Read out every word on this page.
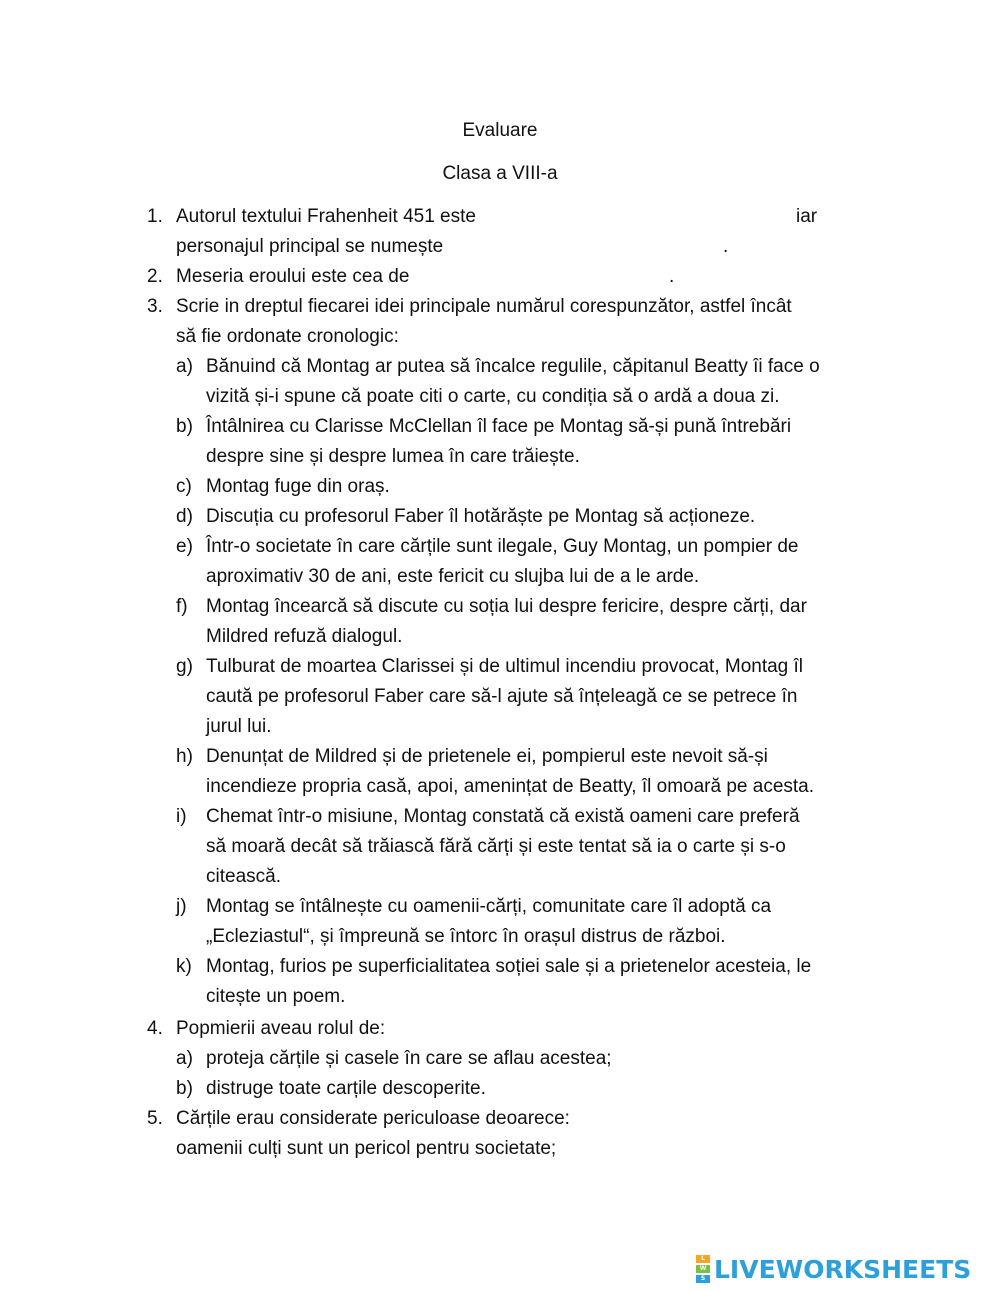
Evaluare
Clasa a VIII-a
1. Autorul textului Frahenheit 451 este	iar
personajul principal se numește	.
2. Meseria eroului este cea de	.
3. Scrie in dreptul fiecarei idei principale numărul corespunzător, astfel încât
să fie ordonate cronologic:
a) Bănuind că Montag ar putea să încalce regulile, căpitanul Beatty îi face o
vizită și-i spune că poate citi o carte, cu condiția să o ardă a doua zi.
b) Întâlnirea cu Clarisse McClellan îl face pe Montag să-și pună întrebări
despre sine și despre lumea în care trăiește.
c) Montag fuge din oraș.
d) Discuția cu profesorul Faber îl hotărăște pe Montag să acționeze.
e) Într-o societate în care cărțile sunt ilegale, Guy Montag, un pompier de
aproximativ 30 de ani, este fericit cu slujba lui de a le arde.
f) Montag încearcă să discute cu soția lui despre fericire, despre cărți, dar
Mildred refuză dialogul.
g) Tulburat de moartea Clarissei și de ultimul incendiu provocat, Montag îl
caută pe profesorul Faber care să-l ajute să înțeleagă ce se petrece în
jurul lui.
h) Denunțat de Mildred și de prietenele ei, pompierul este nevoit să-și
incendieze propria casă, apoi, amenințat de Beatty, îl omoară pe acesta.
i) Chemat într-o misiune, Montag constată că există oameni care preferă
să moară decât să trăiască fără cărți și este tentat să ia o carte și s-o
citească.
j) Montag se întâlnește cu oamenii-cărți, comunitate care îl adoptă ca
„Ecleziastul“, și împreună se întorc în orașul distrus de război.
k) Montag, furios pe superficialitatea soției sale și a prietenelor acesteia, le
citește un poem.
4. Popmierii aveau rolul de:
a) proteja cărțile și casele în care se aflau acestea;
b) distruge toate carțile descoperite.
5. Cărțile erau considerate periculoase deoarece:
oamenii culți sunt un pericol pentru societate;
L
W
S LIVEWORKSHEETS
